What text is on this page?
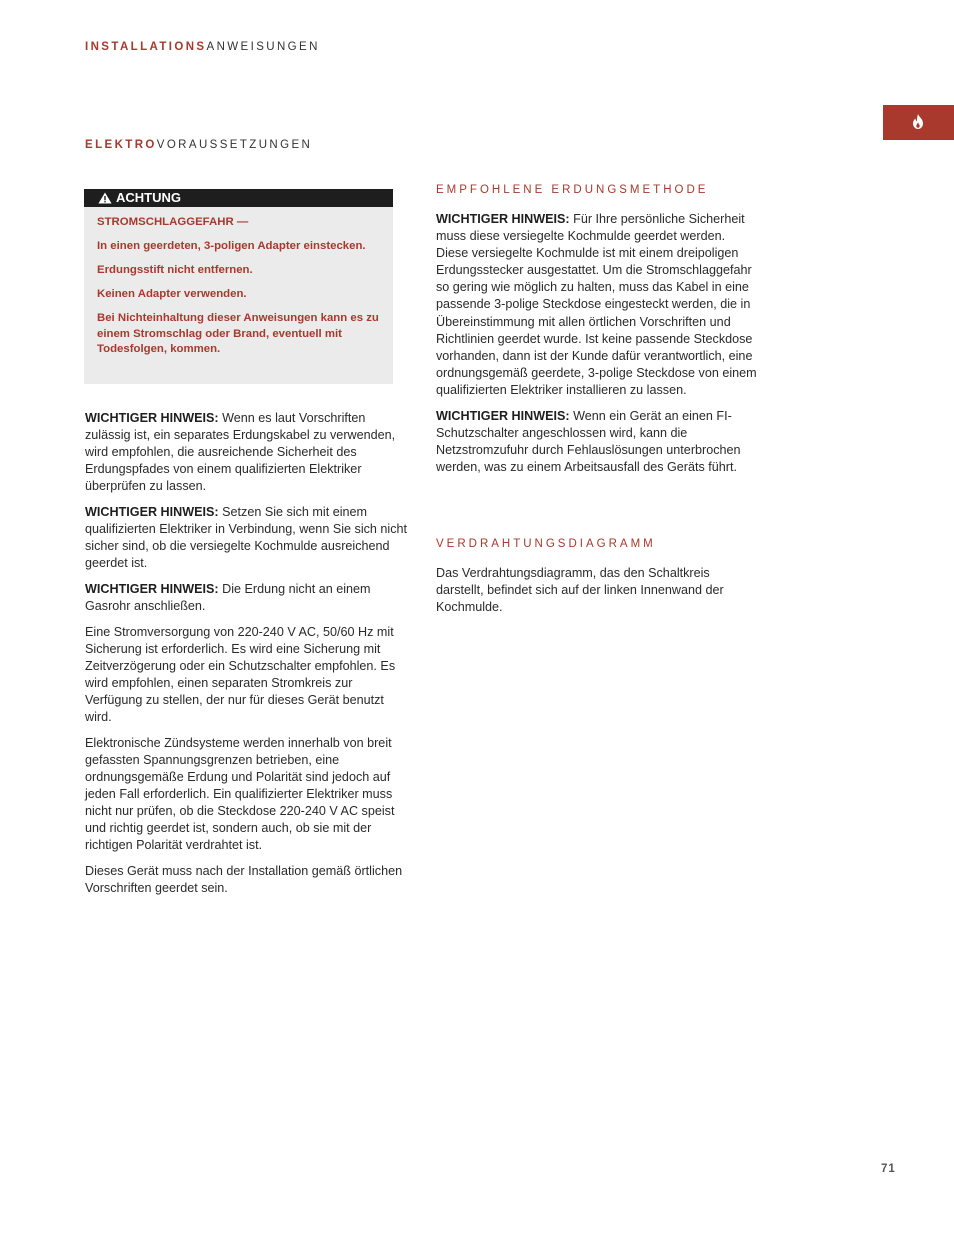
INSTALLATIONSANWEISUNGEN
ELEKTROVORAUSSETZUNGEN
ACHTUNG

STROMSCHLAGGEFAHR —

In einen geerdeten, 3-poligen Adapter einstecken.

Erdungsstift nicht entfernen.

Keinen Adapter verwenden.

Bei Nichteinhaltung dieser Anweisungen kann es zu einem Stromschlag oder Brand, eventuell mit Todesfolgen, kommen.

WICHTIGER HINWEIS: Wenn es laut Vorschriften zulässig ist, ein separates Erdungskabel zu verwenden, wird empfohlen, die ausreichende Sicherheit des Erdungspfades von einem qualifizierten Elektriker überprüfen zu lassen.

WICHTIGER HINWEIS: Setzen Sie sich mit einem qualifizierten Elektriker in Verbindung, wenn Sie sich nicht sicher sind, ob die versiegelte Kochmulde ausreichend geerdet ist.

WICHTIGER HINWEIS: Die Erdung nicht an einem Gasrohr anschließen.

Eine Stromversorgung von 220-240 V AC, 50/60 Hz mit Sicherung ist erforderlich. Es wird eine Sicherung mit Zeitverzögerung oder ein Schutzschalter empfohlen. Es wird empfohlen, einen separaten Stromkreis zur Verfügung zu stellen, der nur für dieses Gerät benutzt wird.

Elektronische Zündsysteme werden innerhalb von breit gefassten Spannungsgrenzen betrieben, eine ordnungsgemäße Erdung und Polarität sind jedoch auf jeden Fall erforderlich. Ein qualifizierter Elektriker muss nicht nur prüfen, ob die Steckdose 220-240 V AC speist und richtig geerdet ist, sondern auch, ob sie mit der richtigen Polarität verdrahtet ist.

Dieses Gerät muss nach der Installation gemäß örtlichen Vorschriften geerdet sein.

EMPFOHLENE ERDUNGSMETHODE

WICHTIGER HINWEIS: Für Ihre persönliche Sicherheit muss diese versiegelte Kochmulde geerdet werden. Diese versiegelte Kochmulde ist mit einem dreipoligen Erdungsstecker ausgestattet. Um die Stromschlaggefahr so gering wie möglich zu halten, muss das Kabel in eine passende 3-polige Steckdose eingesteckt werden, die in Übereinstimmung mit allen örtlichen Vorschriften und Richtlinien geerdet wurde. Ist keine passende Steckdose vorhanden, dann ist der Kunde dafür verantwortlich, eine ordnungsgemäß geerdete, 3-polige Steckdose von einem qualifizierten Elektriker installieren zu lassen.

WICHTIGER HINWEIS: Wenn ein Gerät an einen FI-Schutzschalter angeschlossen wird, kann die Netzstromzufuhr durch Fehlauslösungen unterbrochen werden, was zu einem Arbeitsausfall des Geräts führt.

VERDRAHTUNGSDIAGRAMM

Das Verdrahtungsdiagramm, das den Schaltkreis darstellt, befindet sich auf der linken Innenwand der Kochmulde.

71
